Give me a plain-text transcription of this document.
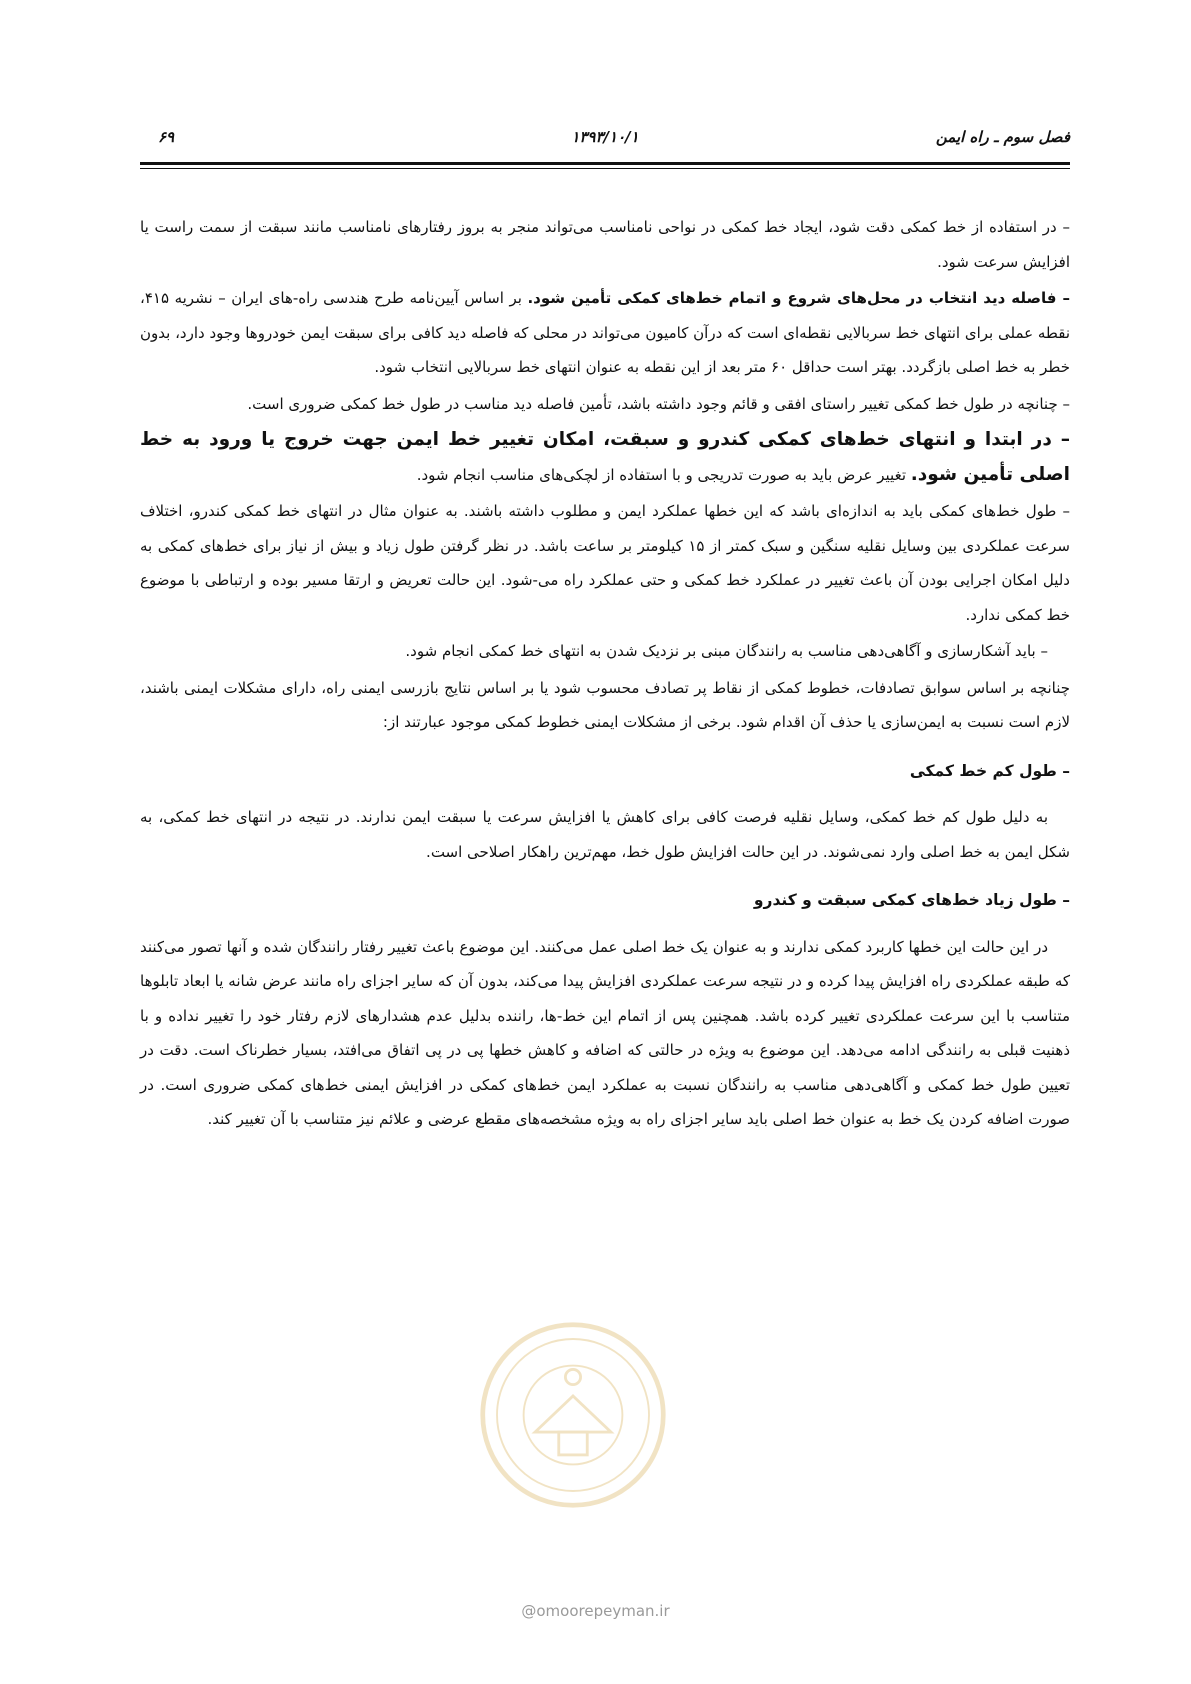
فصل سوم ـ راه ایمن
۱۳۹۳/۱۰/۱
۶۹

– در استفاده از خط کمکی دقت شود، ایجاد خط کمکی در نواحی نامناسب می‌تواند منجر به بروز رفتارهای نامناسب مانند سبقت از سمت راست یا افزایش سرعت شود.

– فاصله دید انتخاب در محل‌های شروع و اتمام خط‌های کمکی تأمین شود. بر اساس آیین‌نامه طرح هندسی راه-های ایران – نشریه ۴۱۵، نقطه عملی برای انتهای خط سربالایی نقطه‌ای است که درآن کامیون می‌تواند در محلی که فاصله دید کافی برای سبقت ایمن خودروها وجود دارد، بدون خطر به خط اصلی بازگردد. بهتر است حداقل ۶۰ متر بعد از این نقطه به عنوان انتهای خط سربالایی انتخاب شود.

– چنانچه در طول خط کمکی تغییر راستای افقی و قائم وجود داشته باشد، تأمین فاصله دید مناسب در طول خط کمکی ضروری است.

– در ابتدا و انتهای خط‌های کمکی کندرو و سبقت، امکان تغییر خط ایمن جهت خروج یا ورود به خط اصلی تأمین شود. تغییر عرض باید به صورت تدریجی و با استفاده از لچکی‌های مناسب انجام شود.

– طول خط‌های کمکی باید به اندازه‌ای باشد که این خطها عملکرد ایمن و مطلوب داشته باشند. به عنوان مثال در انتهای خط کمکی کندرو، اختلاف سرعت عملکردی بین وسایل نقلیه سنگین و سبک کمتر از ۱۵ کیلومتر بر ساعت باشد. در نظر گرفتن طول زیاد و بیش از نیاز برای خط‌های کمکی به دلیل امکان اجرایی بودن آن باعث تغییر در عملکرد خط کمکی و حتی عملکرد راه می-شود. این حالت تعریض و ارتقا مسیر بوده و ارتباطی با موضوع خط کمکی ندارد.

– باید آشکارسازی و آگاهی‌دهی مناسب به رانندگان مبنی بر نزدیک شدن به انتهای خط کمکی انجام شود.

چنانچه بر اساس سوابق تصادفات، خطوط کمکی از نقاط پر تصادف محسوب شود یا بر اساس نتایج بازرسی ایمنی راه، دارای مشکلات ایمنی باشند، لازم است نسبت به ایمن‌سازی یا حذف آن اقدام شود. برخی از مشکلات ایمنی خطوط کمکی موجود عبارتند از:

– طول کم خط کمکی

به دلیل طول کم خط کمکی، وسایل نقلیه فرصت کافی برای کاهش یا افزایش سرعت یا سبقت ایمن ندارند. در نتیجه در انتهای خط کمکی، به شکل ایمن به خط اصلی وارد نمی‌شوند. در این حالت افزایش طول خط، مهم‌ترین راهکار اصلاحی است.

– طول زیاد خط‌های کمکی سبقت و کندرو

در این حالت این خطها کاربرد کمکی ندارند و به عنوان یک خط اصلی عمل می‌کنند. این موضوع باعث تغییر رفتار رانندگان شده و آنها تصور می‌کنند که طبقه عملکردی راه افزایش پیدا کرده و در نتیجه سرعت عملکردی افزایش پیدا می‌کند، بدون آن که سایر اجزای راه مانند عرض شانه یا ابعاد تابلوها متناسب با این سرعت عملکردی تغییر کرده باشد. همچنین پس از اتمام این خط-ها، راننده بدلیل عدم هشدارهای لازم رفتار خود را تغییر نداده و با ذهنیت قبلی به رانندگی ادامه می‌دهد. این موضوع به ویژه در حالتی که اضافه و کاهش خطها پی در پی اتفاق می‌افتد، بسیار خطرناک است. دقت در تعیین طول خط کمکی و آگاهی‌دهی مناسب به رانندگان نسبت به عملکرد ایمن خط‌های کمکی در افزایش ایمنی خط‌های کمکی ضروری است. در صورت اضافه کردن یک خط به عنوان خط اصلی باید سایر اجزای راه به ویژه مشخصه‌های مقطع عرضی و علائم نیز متناسب با آن تغییر کند.

@omoorepeyman.ir
